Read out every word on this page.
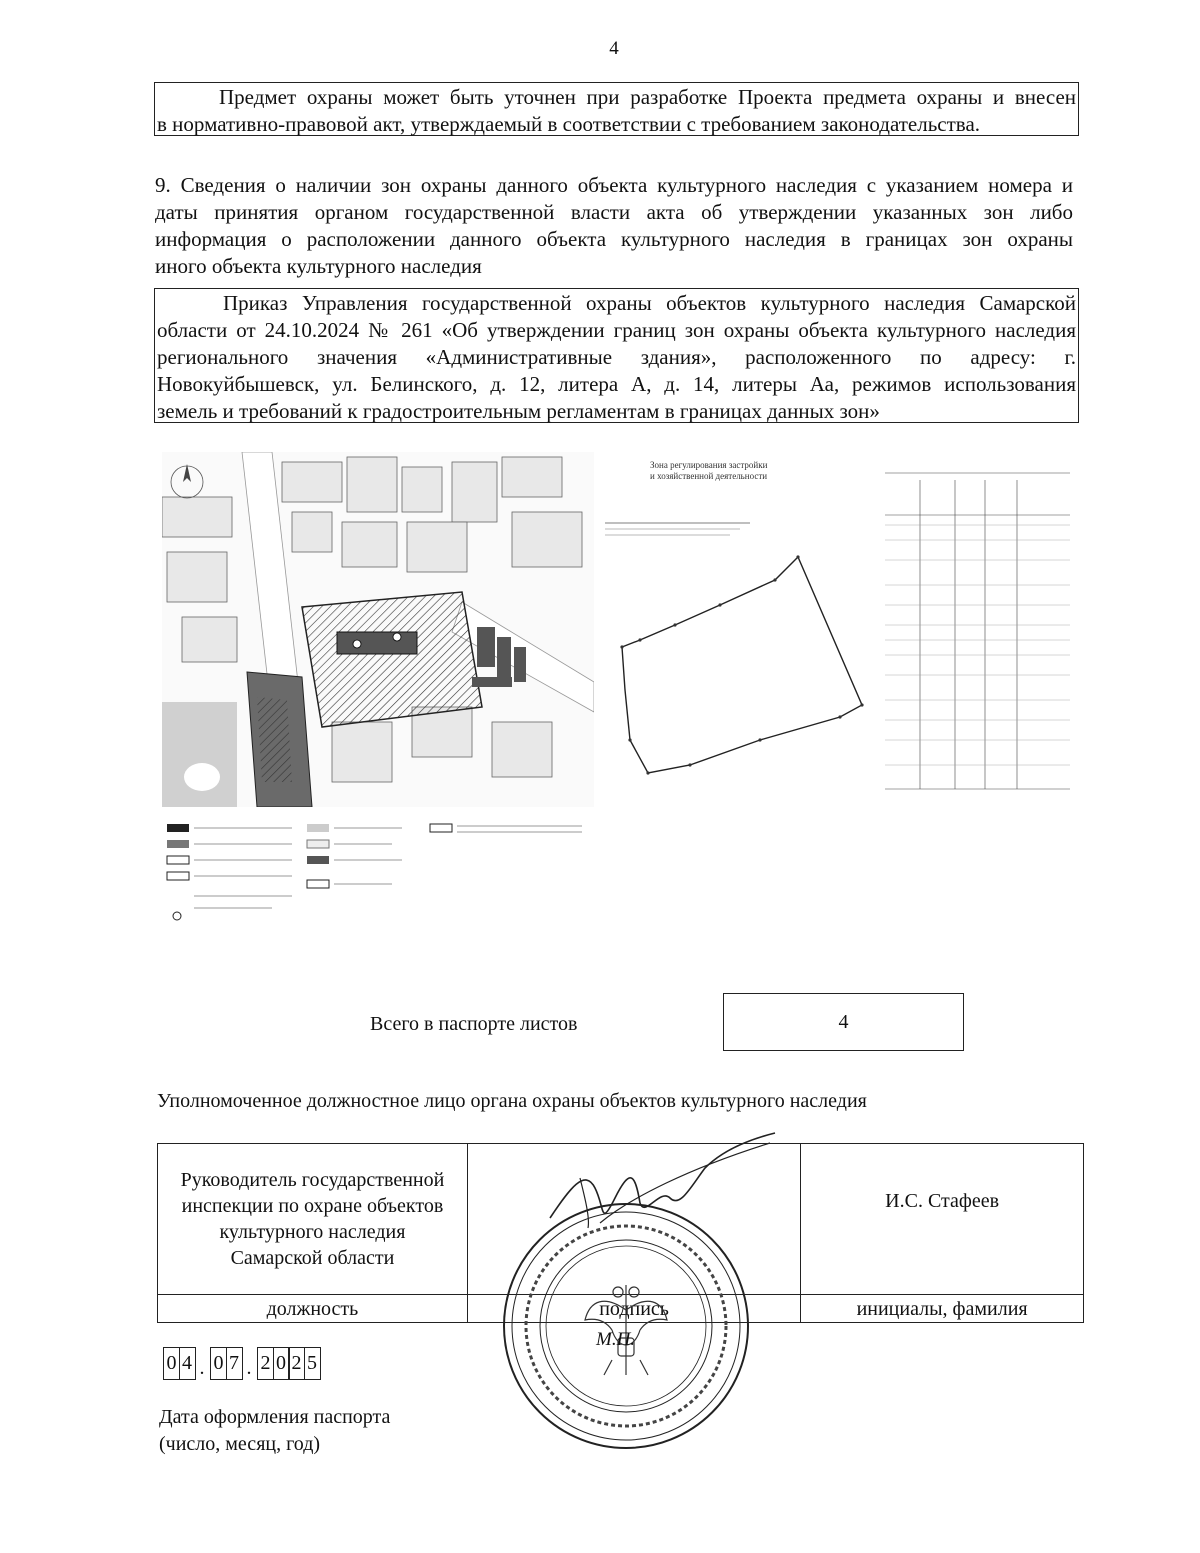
4
Предмет охраны может быть уточнен при разработке Проекта предмета охраны и внесен
в нормативно-правовой акт, утверждаемый в соответствии с требованием законодательства.
9. Сведения о наличии зон охраны данного объекта культурного наследия с указанием номера и
даты принятия органом государственной власти акта об утверждении указанных зон либо
информация о расположении данного объекта культурного наследия в границах зон охраны
иного объекта культурного наследия
Приказ Управления государственной охраны объектов культурного наследия Самарской
области от 24.10.2024 № 261 «Об утверждении границ зон охраны объекта культурного наследия
регионального значения «Административные здания», расположенного по адресу: г.
Новокуйбышевск, ул. Белинского, д. 12, литера А, д. 14, литеры Аа, режимов использования
земель и требований к градостроительным регламентам в границах данных зон»
Зона регулирования застройки
и хозяйственной деятельности
Всего в паспорте листов	4
Уполномоченное должностное лицо органа охраны объектов культурного наследия
Руководитель государственной
инспекции по охране объектов
культурного наследия
Самарской области		И.С. Стафеев
должность	подпись	инициалы, фамилия
М.П.
0 4 . 0 7 . 2 0 2 5
Дата оформления паспорта
(число, месяц, год)
